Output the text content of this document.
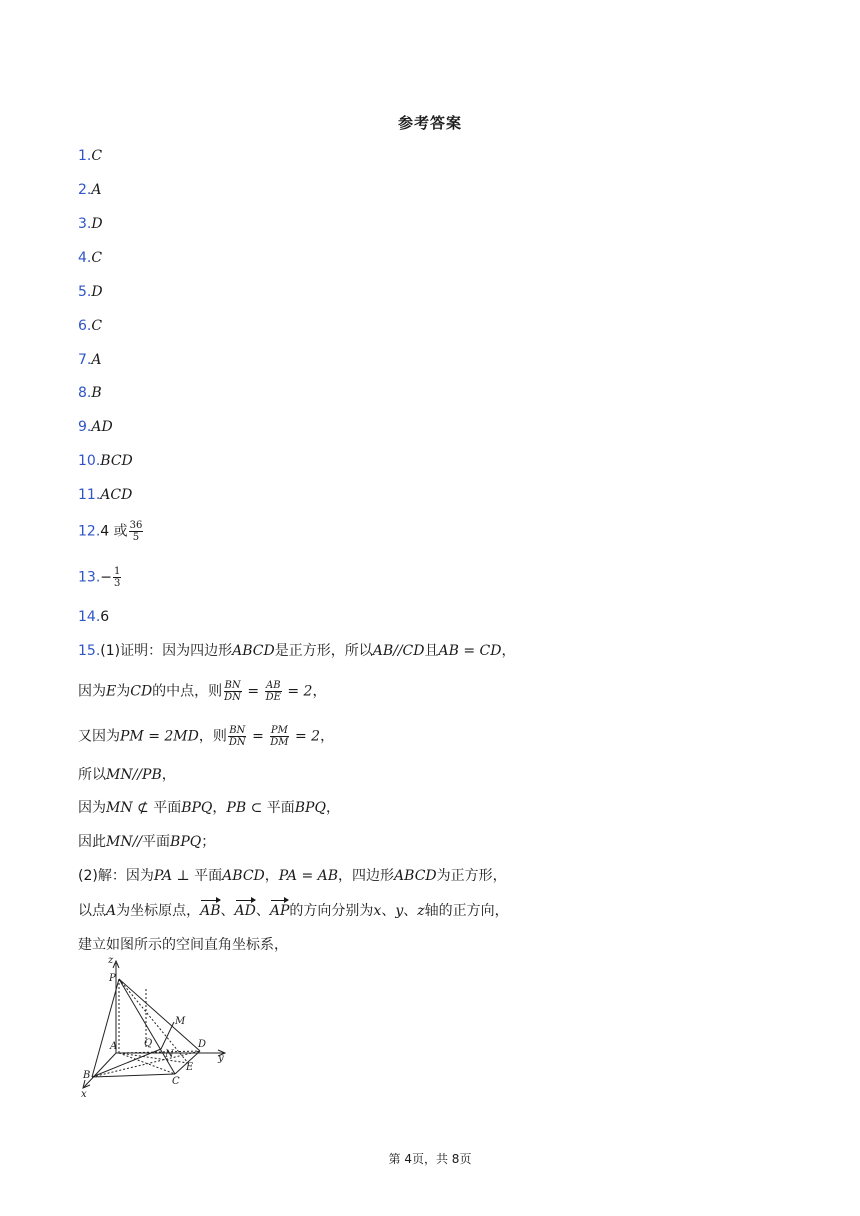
参考答案
1.C
2.A
3.D
4.C
5.D
6.C
7.A
8.B
9.AD
10.BCD
11.ACD
12.4 或 $\frac{36}{5}$
$13.- \frac{1}{3}$
14.6
15.(1)证明：因为四边形ABCD是正方形，所以AB//CD且AB = CD，
因为E为CD的中点，则 $\frac{BN}{DN} = \frac{AB}{DE} = 2$，
又因为PM = 2MD，则 $\frac{BN}{DN} = \frac{PM}{DM} = 2$，
所以MN//PB，
因为MN ⊄ 平面BPQ，PB ⊂ 平面BPQ，
因此MN//平面BPQ；
(2)解：因为PA ⊥ 平面ABCD，PA = AB，四边形ABCD为正方形，
以点A为坐标原点，AB、AD、AP的方向分别为x、y、z轴的正方向，
建立如图所示的空间直角坐标系，
z
P
M
A	Q
N
D
y
B
E
C
x
第 4页，共 8页
